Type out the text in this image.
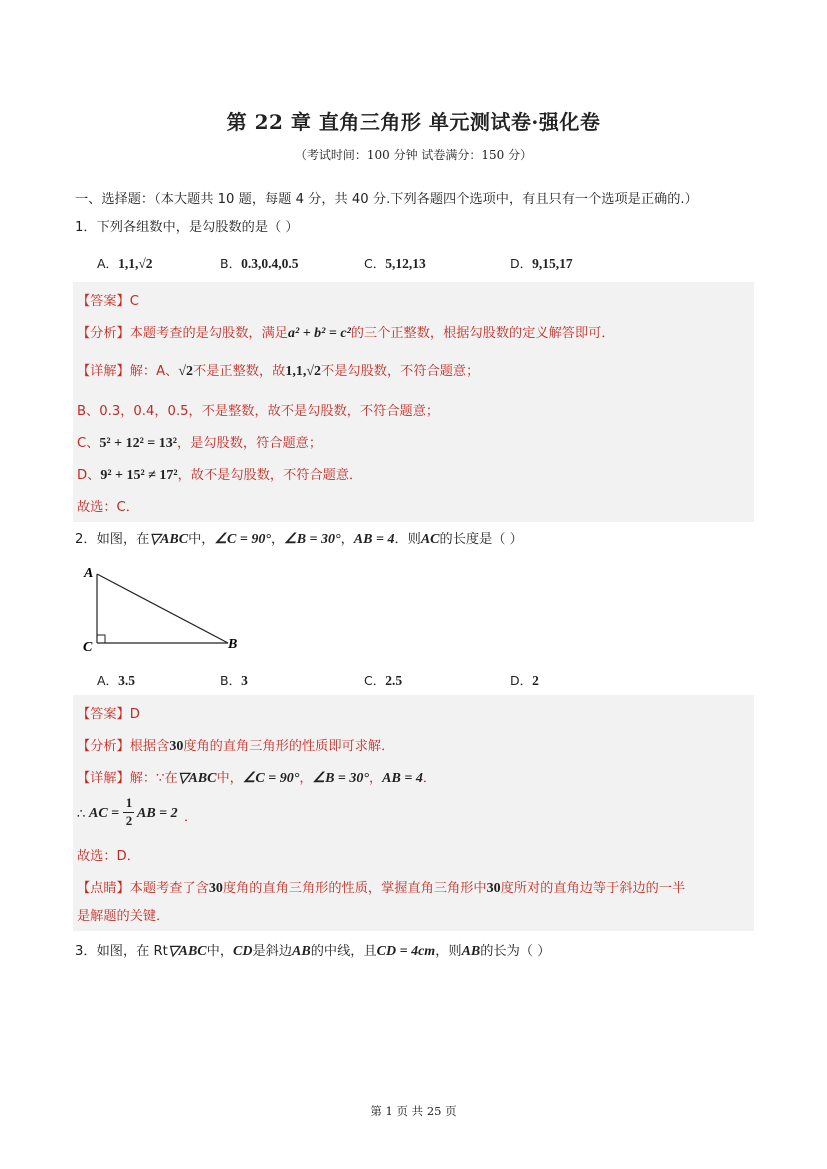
第 22 章 直角三角形 单元测试卷·强化卷
（考试时间：100 分钟 试卷满分：150 分）
一、选择题：（本大题共 10 题，每题 4 分，共 40 分.下列各题四个选项中，有且只有一个选项是正确的.）
1．下列各组数中，是勾股数的是（ ）
A．1,1,√2	B．0.3,0.4,0.5	C．5,12,13	D．9,15,17
【答案】C
【分析】本题考查的是勾股数，满足a² + b² = c²的三个正整数，根据勾股数的定义解答即可．
【详解】解：A、√2不是正整数，故1,1,√2不是勾股数，不符合题意；
B、0.3，0.4，0.5，不是整数，故不是勾股数，不符合题意；
C、5² + 12² = 13²，是勾股数，符合题意；
D、9² + 15² ≠ 17²，故不是勾股数，不符合题意．
故选：C．
2．如图，在▽ABC中，∠C = 90°，∠B = 30°，AB = 4．则AC的长度是（ ）
A
C	B
A．3.5	B．3	C．2.5	D．2
【答案】D
【分析】根据含30度角的直角三角形的性质即可求解．
【详解】解：∵在▽ABC中，∠C = 90°，∠B = 30°，AB = 4．
∴ AC =
1
2 AB = 2 ．
故选：D．
【点睛】本题考查了含30度角的直角三角形的性质，掌握直角三角形中30度所对的直角边等于斜边的一半
是解题的关键．
3．如图，在 Rt▽ABC中，CD是斜边AB的中线，且CD = 4cm，则AB的长为（ ）
第 1 页 共 25 页
